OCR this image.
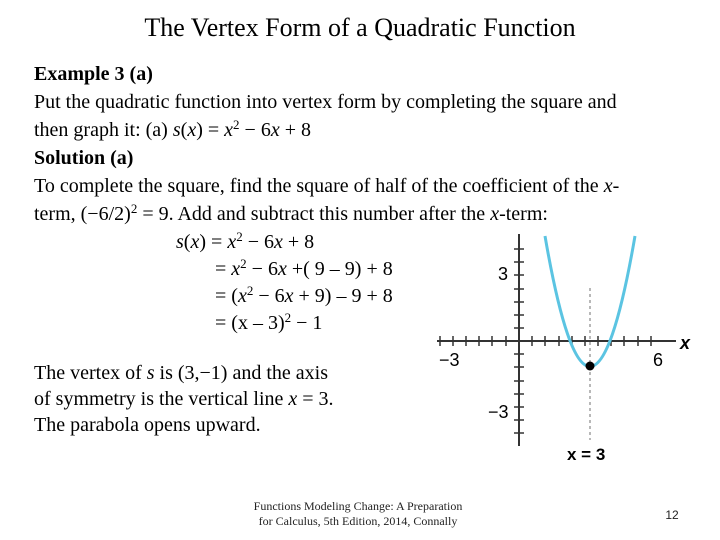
The Vertex Form of a Quadratic Function
Example 3 (a)
Put the quadratic function into vertex form by completing the square and
then graph it: (a) $s(x) = x^2 - 6x + 8$
Solution (a)
To complete the square, find the square of half of the coefficient of the x-
term, $(-6/2)^2 = 9$. Add and subtract this number after the x-term:
$s(x) = x^2 - 6x + 8$
= $x^2 - 6x$ +( 9 – 9) + 8
= $(x^2 - 6x + 9) - 9 + 8$
= (x – 3)$^2$ − 1
The vertex of s is (3,−1) and the axis
of symmetry is the vertical line x = 3.
The parabola opens upward.
−3	6
3
−3
x
x = 3
Functions Modeling Change: A Preparation
for Calculus, 5th Edition, 2014, Connally	12
